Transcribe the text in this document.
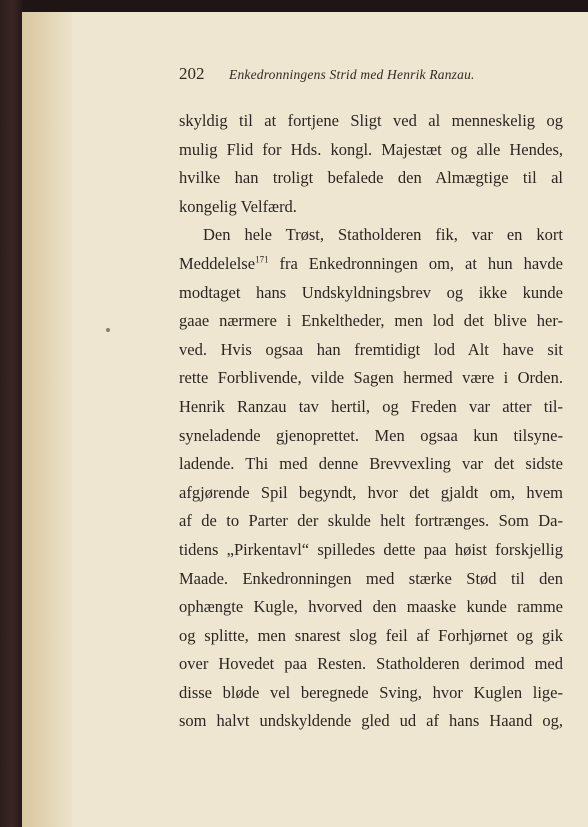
202	Enkedronningens Strid med Henrik Ranzau.
skyldig til at fortjene Sligt ved al menneskelig og
mulig Flid for Hds. kongl. Majestæt og alle Hendes,
hvilke han troligt befalede den Almægtige til al
kongelig Velfærd.
Den hele Trøst, Statholderen fik, var en kort
Meddelelse$^{171}$ fra Enkedronningen om, at hun havde
modtaget hans Undskyldningsbrev og ikke kunde
gaae nærmere i Enkeltheder, men lod det blive her-
ved. Hvis ogsaa han fremtidigt lod Alt have sit
rette Forblivende, vilde Sagen hermed være i Orden.
Henrik Ranzau tav hertil, og Freden var atter til-
syneladende gjenoprettet. Men ogsaa kun tilsyne-
ladende. Thi med denne Brevvexling var det sidste
afgjørende Spil begyndt, hvor det gjaldt om, hvem
af de to Parter der skulde helt fortrænges. Som Da-
tidens „Pirkentavl“ spilledes dette paa høist forskjellig
Maade. Enkedronningen med stærke Stød til den
ophængte Kugle, hvorved den maaske kunde ramme
og splitte, men snarest slog feil af Forhjørnet og gik
over Hovedet paa Resten. Statholderen derimod med
disse bløde vel beregnede Sving, hvor Kuglen lige-
som halvt undskyldende gled ud af hans Haand og,
